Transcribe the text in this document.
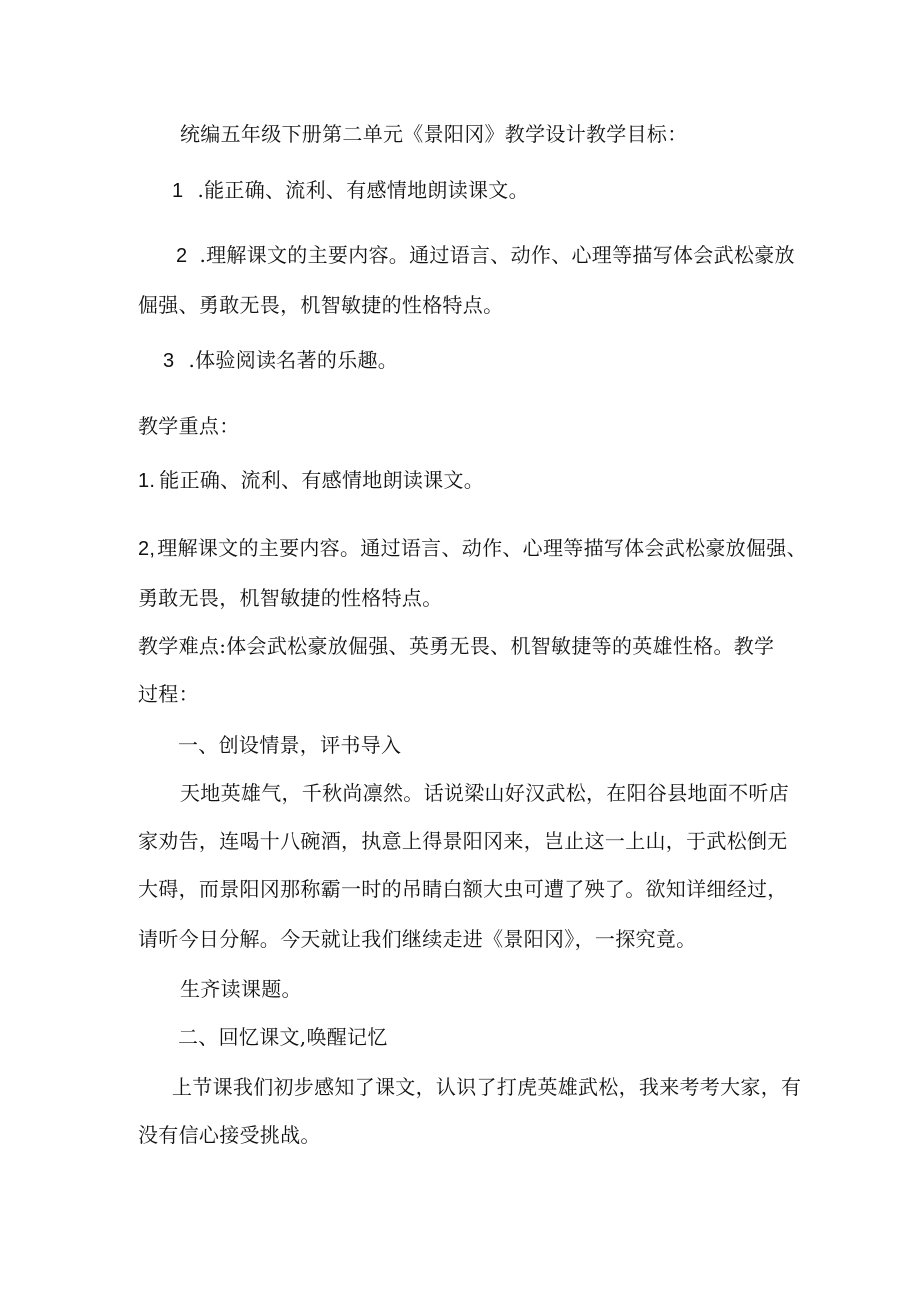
统编五年级下册第二单元《景阳冈》教学设计教学目标：

1 .能正确、流利、有感情地朗读课文。

2 .理解课文的主要内容。通过语言、动作、心理等描写体会武松豪放

倔强、勇敢无畏，机智敏捷的性格特点。

3 .体验阅读名著的乐趣。

教学重点：

1. 能正确、流利、有感情地朗读课文。

2, 理解课文的主要内容。通过语言、动作、心理等描写体会武松豪放倔强、

勇敢无畏，机智敏捷的性格特点。

教学难点:体会武松豪放倔强、英勇无畏、机智敏捷等的英雄性格。教学

过程：

一、创设情景，评书导入

天地英雄气，千秋尚凛然。话说梁山好汉武松，在阳谷县地面不听店

家劝告，连喝十八碗酒，执意上得景阳冈来，岂止这一上山，于武松倒无

大碍，而景阳冈那称霸一时的吊睛白额大虫可遭了殃了。欲知详细经过，

请听今日分解。今天就让我们继续走进《景阳冈》，一探究竟。

生齐读课题。

二、回忆课文,唤醒记忆

上节课我们初步感知了课文，认识了打虎英雄武松，我来考考大家，有

没有信心接受挑战。
